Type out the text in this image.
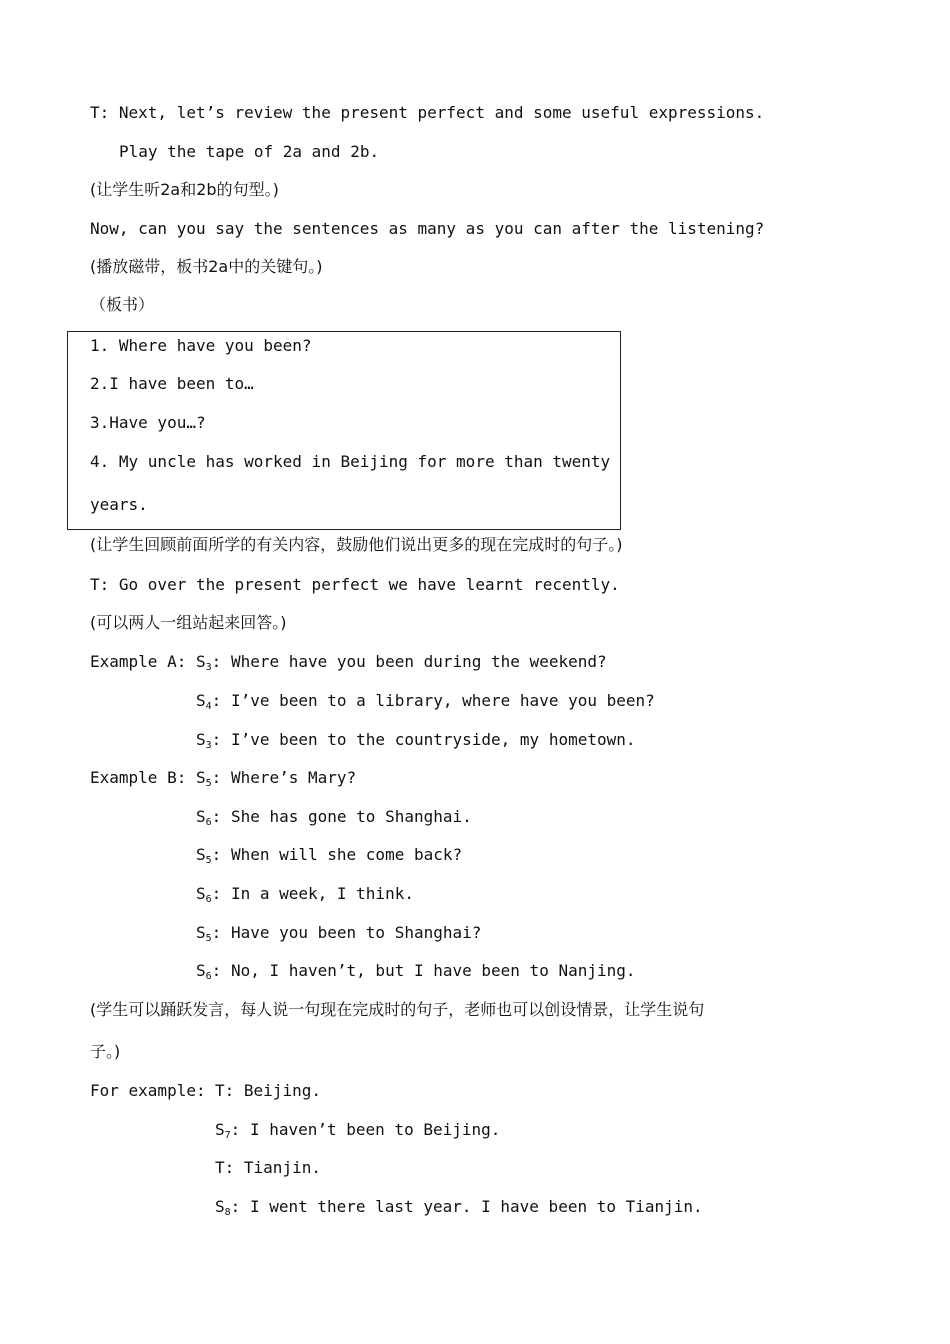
T: Next, let’s review the present perfect and some useful expressions.
Play the tape of 2a and 2b.
(让学生听2a和2b的句型。)
Now, can you say the sentences as many as you can after the listening?
(播放磁带，板书2a中的关键句。)
（板书）
1. Where have you been?
2.I have been to…
3.Have you…?
4. My uncle has worked in Beijing for more than twenty
years.
(让学生回顾前面所学的有关内容，鼓励他们说出更多的现在完成时的句子。)
T: Go over the present perfect we have learnt recently.
(可以两人一组站起来回答。)
Example A: $S_3$: Where have you been during the weekend?
$S_4$: I’ve been to a library, where have you been?
$S_3$: I’ve been to the countryside, my hometown.
Example B: $S_5$: Where’s Mary?
$S_6$: She has gone to Shanghai.
$S_5$: When will she come back?
$S_6$: In a week, I think.
$S_5$: Have you been to Shanghai?
$S_6$: No, I haven’t, but I have been to Nanjing.
(学生可以踊跃发言，每人说一句现在完成时的句子，老师也可以创设情景，让学生说句
子。)
For example: T: Beijing.
$S_7$: I haven’t been to Beijing.
T: Tianjin.
$S_8$: I went there last year. I have been to Tianjin.
